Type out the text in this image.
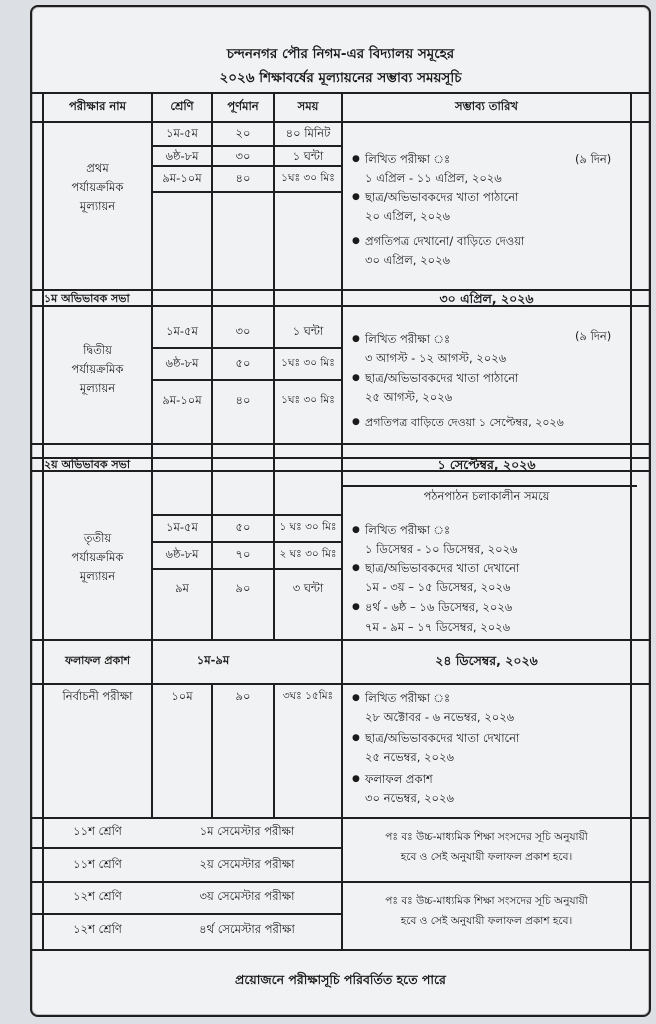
চন্দননগর পৌর নিগম-এর বিদ্যালয় সমূহের
২০২৬ শিক্ষাবর্ষের মূল্যায়নের সম্ভাব্য সময়সূচি
পরীক্ষার নাম	শ্রেণি	পূর্ণমান	সময়	সম্ভাব্য তারিখ
প্রথম
পর্যায়ক্রমিক
মূল্যায়ন
১ম-৫ম	২০	৪০ মিনিট
৬ষ্ঠ-৮ম	৩০	১ ঘন্টা
৯ম-১০ম	৪০	১ঘঃ ৩০ মিঃ
● লিখিত পরীক্ষা ঃ	(৯ দিন)
১ এপ্রিল - ১১ এপ্রিল, ২০২৬
● ছাত্র/অভিভাবকদের খাতা পাঠানো
২০ এপ্রিল, ২০২৬
● প্রগতিপত্র দেখানো/ বাড়িতে দেওয়া
৩০ এপ্রিল, ২০২৬
১ম অভিভাবক সভা	৩০ এপ্রিল, ২০২৬
দ্বিতীয়
পর্যায়ক্রমিক
মূল্যায়ন
১ম-৫ম	৩০	১ ঘন্টা
৬ষ্ঠ-৮ম	৫০	১ঘঃ ৩০ মিঃ
৯ম-১০ম	৪০	১ঘঃ ৩০ মিঃ
● লিখিত পরীক্ষা ঃ	(৯ দিন)
৩ আগস্ট - ১২ আগস্ট, ২০২৬
● ছাত্র/অভিভাবকদের খাতা পাঠানো
২৫ আগস্ট, ২০২৬
● প্রগতিপত্র বাড়িতে দেওয়া ১ সেপ্টেম্বর, ২০২৬
২য় অভিভাবক সভা	১ সেপ্টেম্বর, ২০২৬
পঠনপাঠন চলাকালীন সময়ে
তৃতীয়
পর্যায়ক্রমিক
মূল্যায়ন
১ম-৫ম	৫০	১ ঘঃ ৩০ মিঃ
৬ষ্ঠ-৮ম	৭০	২ ঘঃ ৩০ মিঃ
৯ম	৯০	৩ ঘন্টা
● লিখিত পরীক্ষা ঃ
১ ডিসেম্বর - ১০ ডিসেম্বর, ২০২৬
● ছাত্র/অভিভাবকদের খাতা দেখানো
১ম - ৩য় – ১৫ ডিসেম্বর, ২০২৬
● ৪র্থ - ৬ষ্ঠ – ১৬ ডিসেম্বর, ২০২৬
৭ম - ৯ম – ১৭ ডিসেম্বর, ২০২৬
ফলাফল প্রকাশ	১ম-৯ম	২৪ ডিসেম্বর, ২০২৬
নির্বাচনী পরীক্ষা	১০ম	৯০	৩ঘঃ ১৫মিঃ
●	লিখিত পরীক্ষা ঃ
২৮ অক্টোবর - ৬ নভেম্বর, ২০২৬
● ছাত্র/অভিভাবকদের খাতা দেখানো
২৫ নভেম্বর, ২০২৬
● ফলাফল প্রকাশ
৩০ নভেম্বর, ২০২৬
১১শ শ্রেণি	১ম সেমেস্টার পরীক্ষা
১১শ শ্রেণি	২য় সেমেস্টার পরীক্ষা
১২শ শ্রেণি	৩য় সেমেস্টার পরীক্ষা
১২শ শ্রেণি	৪র্থ সেমেস্টার পরীক্ষা
পঃ বঃ উচ্চ-মাধ্যমিক শিক্ষা সংসদের সূচি অনুযায়ী
হবে ও সেই অনুযায়ী ফলাফল প্রকাশ হবে।
পঃ বঃ উচ্চ-মাধ্যমিক শিক্ষা সংসদের সূচি অনুযায়ী
হবে ও সেই অনুযায়ী ফলাফল প্রকাশ হবে।
প্রয়োজনে পরীক্ষাসূচি পরিবর্তিত হতে পারে
